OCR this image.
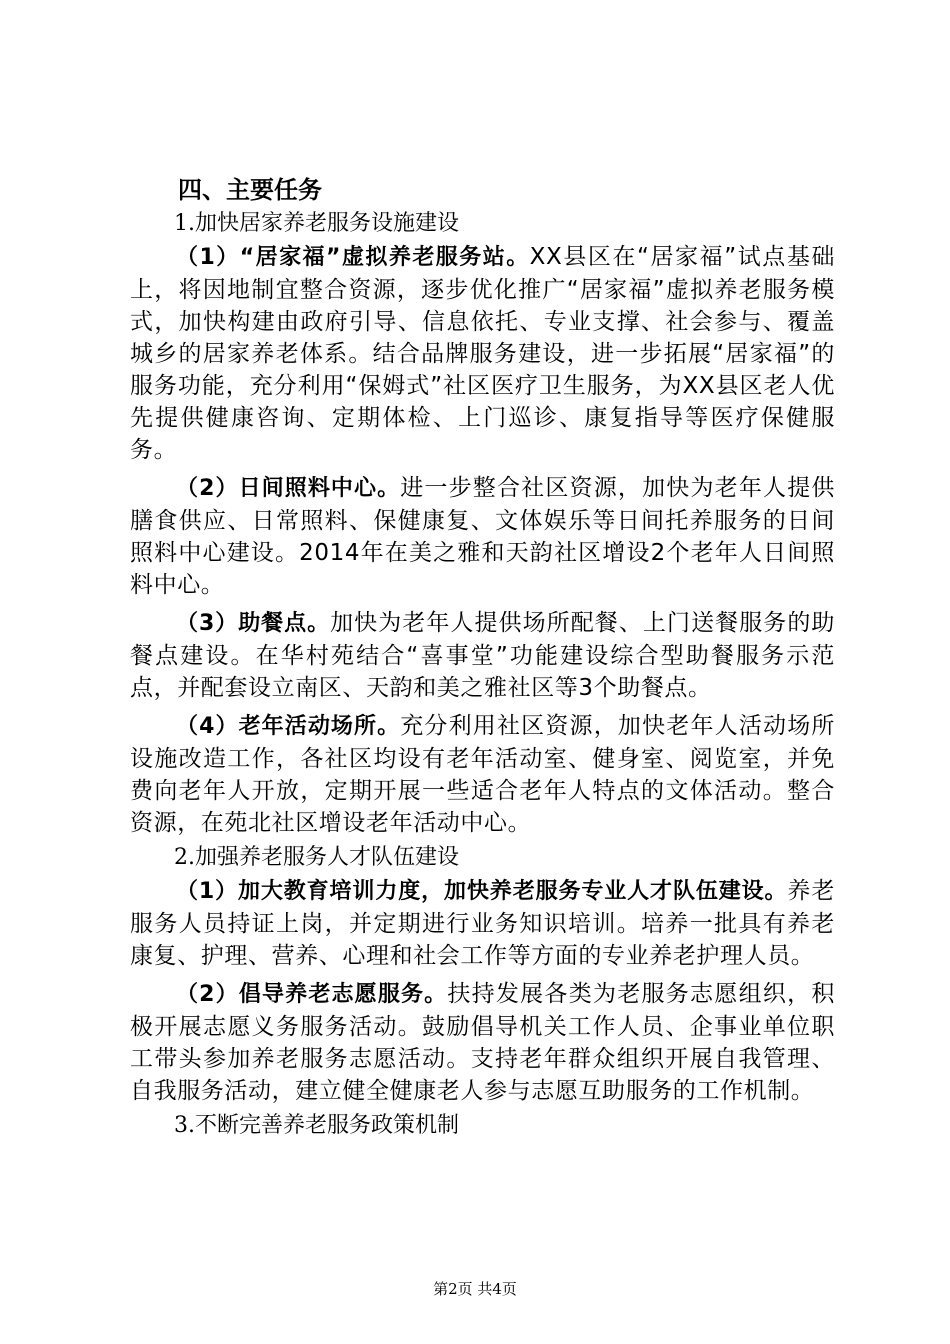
四、主要任务

1.加快居家养老服务设施建设

（1）“居家福”虚拟养老服务站。XX县区在“居家福”试点基础上，将因地制宜整合资源，逐步优化推广“居家福”虚拟养老服务模式，加快构建由政府引导、信息依托、专业支撑、社会参与、覆盖城乡的居家养老体系。结合品牌服务建设，进一步拓展“居家福”的服务功能，充分利用“保姆式”社区医疗卫生服务，为XX县区老人优先提供健康咨询、定期体检、上门巡诊、康复指导等医疗保健服务。

（2）日间照料中心。进一步整合社区资源，加快为老年人提供膳食供应、日常照料、保健康复、文体娱乐等日间托养服务的日间照料中心建设。2014年在美之雅和天韵社区增设2个老年人日间照料中心。

（3）助餐点。加快为老年人提供场所配餐、上门送餐服务的助餐点建设。在华村苑结合“喜事堂”功能建设综合型助餐服务示范点，并配套设立南区、天韵和美之雅社区等3个助餐点。

（4）老年活动场所。充分利用社区资源，加快老年人活动场所设施改造工作，各社区均设有老年活动室、健身室、阅览室，并免费向老年人开放，定期开展一些适合老年人特点的文体活动。整合资源，在苑北社区增设老年活动中心。

2.加强养老服务人才队伍建设

（1）加大教育培训力度，加快养老服务专业人才队伍建设。养老服务人员持证上岗，并定期进行业务知识培训。培养一批具有养老康复、护理、营养、心理和社会工作等方面的专业养老护理人员。

（2）倡导养老志愿服务。扶持发展各类为老服务志愿组织，积极开展志愿义务服务活动。鼓励倡导机关工作人员、企事业单位职工带头参加养老服务志愿活动。支持老年群众组织开展自我管理、自我服务活动，建立健全健康老人参与志愿互助服务的工作机制。

3.不断完善养老服务政策机制

第2页 共4页
